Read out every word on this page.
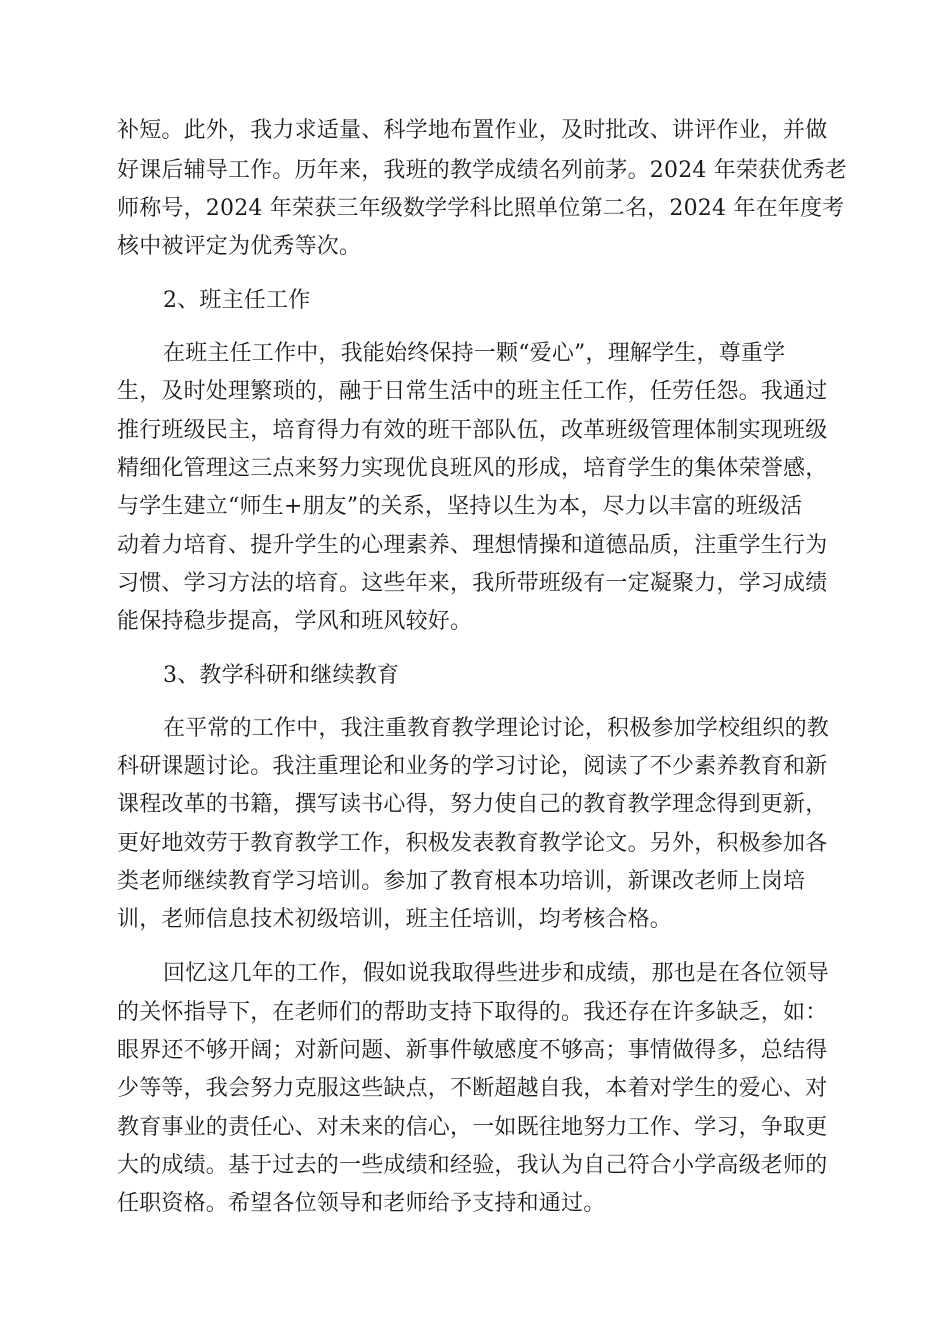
补短。此外，我力求适量、科学地布置作业，及时批改、讲评作业，并做

好课后辅导工作。历年来，我班的教学成绩名列前茅。2024 年荣获优秀老

师称号，2024 年荣获三年级数学学科比照单位第二名，2024 年在年度考

核中被评定为优秀等次。

2、班主任工作

在班主任工作中，我能始终保持一颗“爱心”，理解学生，尊重学

生，及时处理繁琐的，融于日常生活中的班主任工作，任劳任怨。我通过

推行班级民主，培育得力有效的班干部队伍，改革班级管理体制实现班级

精细化管理这三点来努力实现优良班风的形成，培育学生的集体荣誉感，

与学生建立“师生+朋友”的关系，坚持以生为本，尽力以丰富的班级活

动着力培育、提升学生的心理素养、理想情操和道德品质，注重学生行为

习惯、学习方法的培育。这些年来，我所带班级有一定凝聚力，学习成绩

能保持稳步提高，学风和班风较好。

3、教学科研和继续教育

在平常的工作中，我注重教育教学理论讨论，积极参加学校组织的教

科研课题讨论。我注重理论和业务的学习讨论，阅读了不少素养教育和新

课程改革的书籍，撰写读书心得，努力使自己的教育教学理念得到更新，

更好地效劳于教育教学工作，积极发表教育教学论文。另外，积极参加各

类老师继续教育学习培训。参加了教育根本功培训，新课改老师上岗培

训，老师信息技术初级培训，班主任培训，均考核合格。

回忆这几年的工作，假如说我取得些进步和成绩，那也是在各位领导

的关怀指导下，在老师们的帮助支持下取得的。我还存在许多缺乏，如：

眼界还不够开阔；对新问题、新事件敏感度不够高；事情做得多，总结得

少等等，我会努力克服这些缺点，不断超越自我，本着对学生的爱心、对

教育事业的责任心、对未来的信心，一如既往地努力工作、学习，争取更

大的成绩。基于过去的一些成绩和经验，我认为自己符合小学高级老师的

任职资格。希望各位领导和老师给予支持和通过。
